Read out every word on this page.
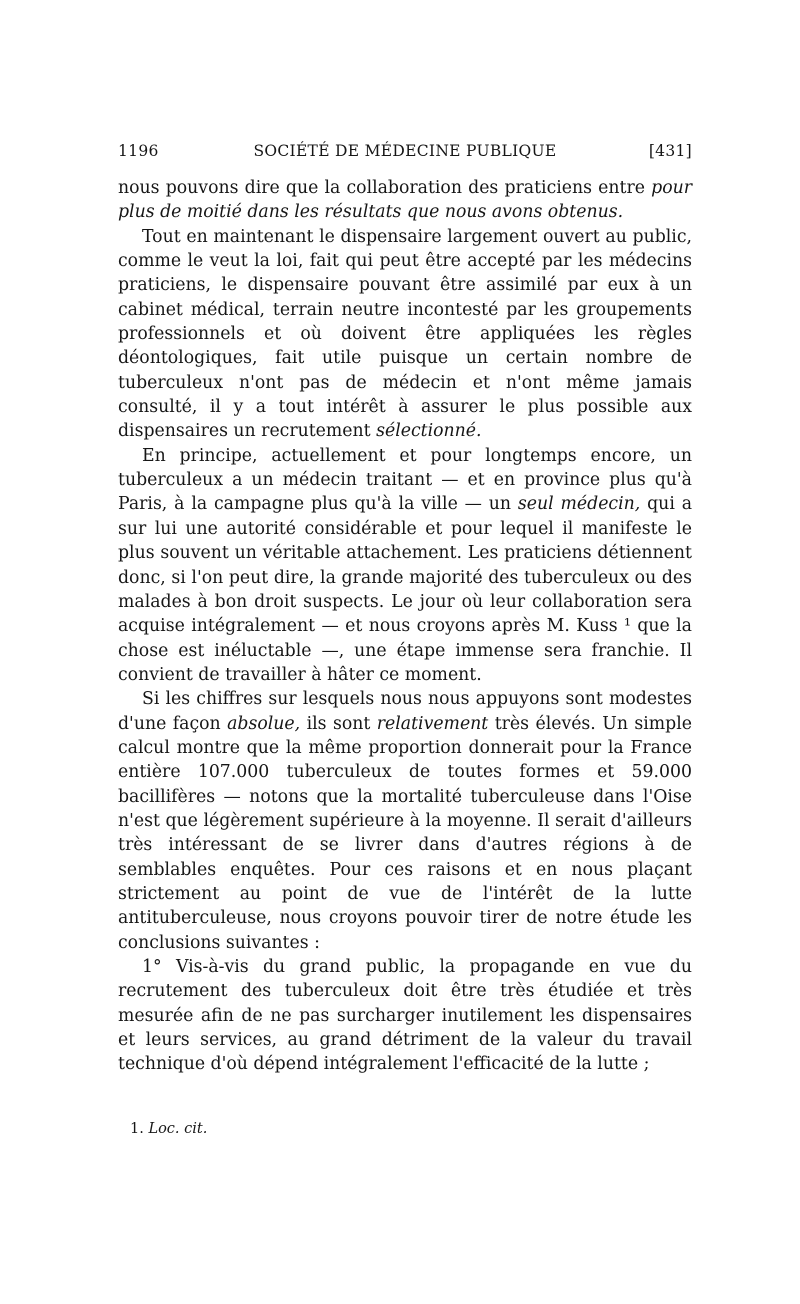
1196	SOCIÉTÉ DE MÉDECINE PUBLIQUE	[431]

nous pouvons dire que la collaboration des praticiens entre pour plus de moitié dans les résultats que nous avons obtenus.

Tout en maintenant le dispensaire largement ouvert au public, comme le veut la loi, fait qui peut être accepté par les médecins praticiens, le dispensaire pouvant être assimilé par eux à un cabinet médical, terrain neutre incontesté par les groupements professionnels et où doivent être appliquées les règles déontologiques, fait utile puisque un certain nombre de tuberculeux n'ont pas de médecin et n'ont même jamais consulté, il y a tout intérêt à assurer le plus possible aux dispensaires un recrutement sélectionné.

En principe, actuellement et pour longtemps encore, un tuberculeux a un médecin traitant — et en province plus qu'à Paris, à la campagne plus qu'à la ville — un seul médecin, qui a sur lui une autorité considérable et pour lequel il manifeste le plus souvent un véritable attachement. Les praticiens détiennent donc, si l'on peut dire, la grande majorité des tuberculeux ou des malades à bon droit suspects. Le jour où leur collaboration sera acquise intégralement — et nous croyons après M. Kuss ¹ que la chose est inéluctable —, une étape immense sera franchie. Il convient de travailler à hâter ce moment.

Si les chiffres sur lesquels nous nous appuyons sont modestes d'une façon absolue, ils sont relativement très élevés. Un simple calcul montre que la même proportion donnerait pour la France entière 107.000 tuberculeux de toutes formes et 59.000 bacillifères — notons que la mortalité tuberculeuse dans l'Oise n'est que légèrement supérieure à la moyenne. Il serait d'ailleurs très intéressant de se livrer dans d'autres régions à de semblables enquêtes. Pour ces raisons et en nous plaçant strictement au point de vue de l'intérêt de la lutte antituberculeuse, nous croyons pouvoir tirer de notre étude les conclusions suivantes :

1° Vis-à-vis du grand public, la propagande en vue du recrutement des tuberculeux doit être très étudiée et très mesurée afin de ne pas surcharger inutilement les dispensaires et leurs services, au grand détriment de la valeur du travail technique d'où dépend intégralement l'efficacité de la lutte ;

1. Loc. cit.
